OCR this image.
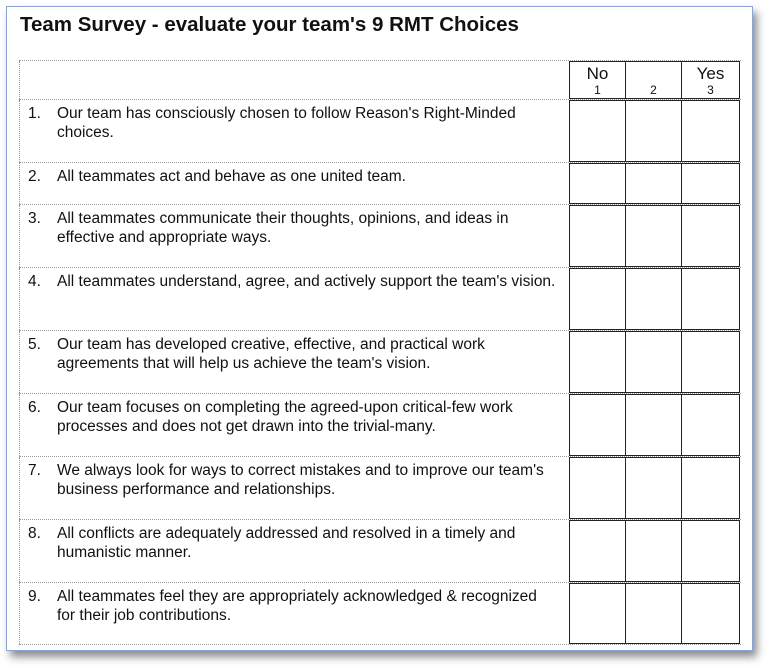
Team Survey - evaluate your team's 9 RMT Choices
No
1	2
Yes
3
1. Our team has consciously chosen to follow Reason's Right-Minded choices.
2. All teammates act and behave as one united team.
3. All teammates communicate their thoughts, opinions, and ideas in effective and appropriate ways.
4. All teammates understand, agree, and actively support the team's vision.
5. Our team has developed creative, effective, and practical work agreements that will help us achieve the team's vision.
6. Our team focuses on completing the agreed-upon critical-few work processes and does not get drawn into the trivial-many.
7. We always look for ways to correct mistakes and to improve our team's business performance and relationships.
8. All conflicts are adequately addressed and resolved in a timely and humanistic manner.
9. All teammates feel they are appropriately acknowledged & recognized for their job contributions.
